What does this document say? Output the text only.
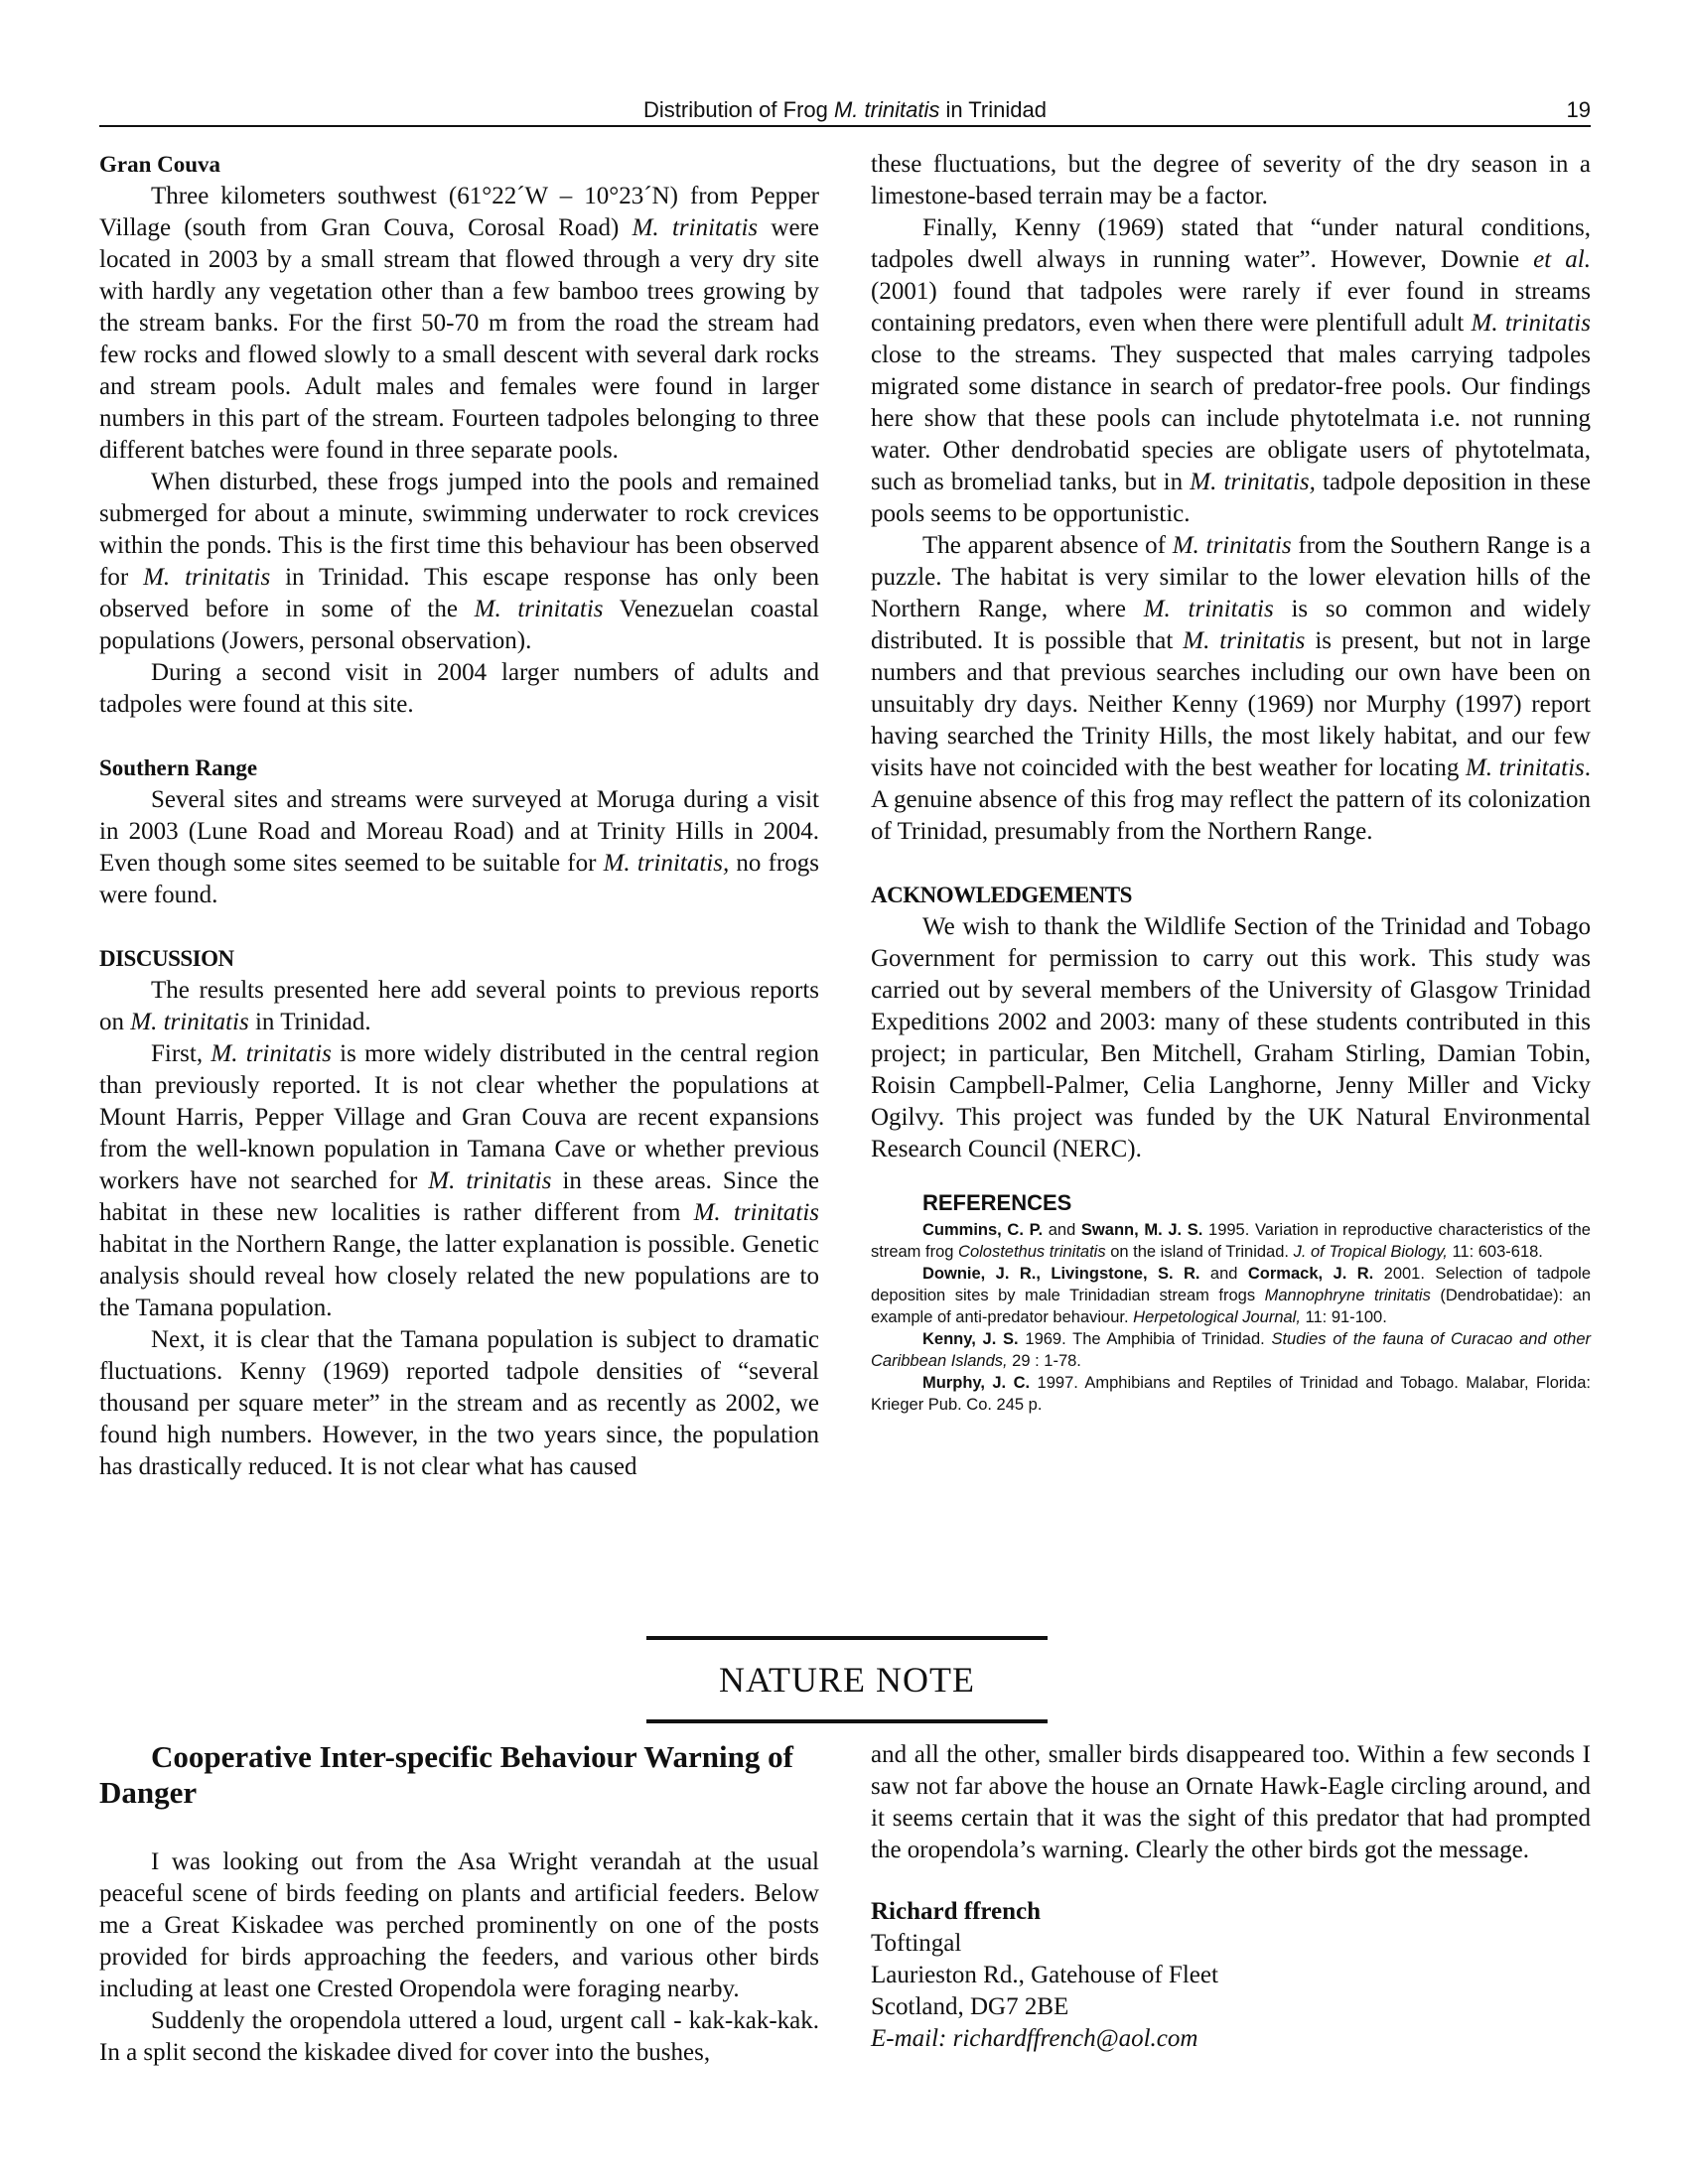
Distribution of Frog M. trinitatis in Trinidad	19
Gran Couva

Three kilometers southwest (61°22´W – 10°23´N) from Pepper Village (south from Gran Couva, Corosal Road) M. trinitatis were located in 2003 by a small stream that flowed through a very dry site with hardly any vegetation other than a few bamboo trees growing by the stream banks. For the first 50-70 m from the road the stream had few rocks and flowed slowly to a small descent with several dark rocks and stream pools. Adult males and females were found in larger numbers in this part of the stream. Fourteen tadpoles belonging to three different batches were found in three separate pools.

When disturbed, these frogs jumped into the pools and remained submerged for about a minute, swimming underwater to rock crevices within the ponds. This is the first time this behaviour has been observed for M. trinitatis in Trinidad. This escape response has only been observed before in some of the M. trinitatis Venezuelan coastal populations (Jowers, personal observation).

During a second visit in 2004 larger numbers of adults and tadpoles were found at this site.

Southern Range

Several sites and streams were surveyed at Moruga during a visit in 2003 (Lune Road and Moreau Road) and at Trinity Hills in 2004. Even though some sites seemed to be suitable for M. trinitatis, no frogs were found.

DISCUSSION

The results presented here add several points to previous reports on M. trinitatis in Trinidad.

First, M. trinitatis is more widely distributed in the central region than previously reported. It is not clear whether the populations at Mount Harris, Pepper Village and Gran Couva are recent expansions from the well-known population in Tamana Cave or whether previous workers have not searched for M. trinitatis in these areas. Since the habitat in these new localities is rather different from M. trinitatis habitat in the Northern Range, the latter explanation is possible. Genetic analysis should reveal how closely related the new populations are to the Tamana population.

Next, it is clear that the Tamana population is subject to dramatic fluctuations. Kenny (1969) reported tadpole densities of “several thousand per square meter” in the stream and as recently as 2002, we found high numbers. However, in the two years since, the population has drastically reduced. It is not clear what has caused

these fluctuations, but the degree of severity of the dry season in a limestone-based terrain may be a factor.

Finally, Kenny (1969) stated that “under natural conditions, tadpoles dwell always in running water”. However, Downie et al. (2001) found that tadpoles were rarely if ever found in streams containing predators, even when there were plentifull adult M. trinitatis close to the streams. They suspected that males carrying tadpoles migrated some distance in search of predator-free pools. Our findings here show that these pools can include phytotelmata i.e. not running water. Other dendrobatid species are obligate users of phytotelmata, such as bromeliad tanks, but in M. trinitatis, tadpole deposition in these pools seems to be opportunistic.

The apparent absence of M. trinitatis from the Southern Range is a puzzle. The habitat is very similar to the lower elevation hills of the Northern Range, where M. trinitatis is so common and widely distributed. It is possible that M. trinitatis is present, but not in large numbers and that previous searches including our own have been on unsuitably dry days. Neither Kenny (1969) nor Murphy (1997) report having searched the Trinity Hills, the most likely habitat, and our few visits have not coincided with the best weather for locating M. trinitatis. A genuine absence of this frog may reflect the pattern of its colonization of Trinidad, presumably from the Northern Range.

ACKNOWLEDGEMENTS

We wish to thank the Wildlife Section of the Trinidad and Tobago Government for permission to carry out this work. This study was carried out by several members of the University of Glasgow Trinidad Expeditions 2002 and 2003: many of these students contributed in this project; in particular, Ben Mitchell, Graham Stirling, Damian Tobin, Roisin Campbell-Palmer, Celia Langhorne, Jenny Miller and Vicky Ogilvy. This project was funded by the UK Natural Environmental Research Council (NERC).

REFERENCES

Cummins, C. P. and Swann, M. J. S. 1995. Variation in reproductive characteristics of the stream frog Colostethus trinitatis on the island of Trinidad. J. of Tropical Biology, 11: 603-618.

Downie, J. R., Livingstone, S. R. and Cormack, J. R. 2001. Selection of tadpole deposition sites by male Trinidadian stream frogs Mannophryne trinitatis (Dendrobatidae): an example of anti-predator behaviour. Herpetological Journal, 11: 91-100.

Kenny, J. S. 1969. The Amphibia of Trinidad. Studies of the fauna of Curacao and other Caribbean Islands, 29 : 1-78.

Murphy, J. C. 1997. Amphibians and Reptiles of Trinidad and Tobago. Malabar, Florida: Krieger Pub. Co. 245 p.

NATURE NOTE

Cooperative Inter-specific Behaviour Warning of Danger

I was looking out from the Asa Wright verandah at the usual peaceful scene of birds feeding on plants and artificial feeders. Below me a Great Kiskadee was perched prominently on one of the posts provided for birds approaching the feeders, and various other birds including at least one Crested Oropendola were foraging nearby.

Suddenly the oropendola uttered a loud, urgent call - kak-kak-kak. In a split second the kiskadee dived for cover into the bushes,

and all the other, smaller birds disappeared too. Within a few seconds I saw not far above the house an Ornate Hawk-Eagle circling around, and it seems certain that it was the sight of this predator that had prompted the oropendola’s warning. Clearly the other birds got the message.

Richard ffrench

Toftingal

Laurieston Rd., Gatehouse of Fleet

Scotland, DG7 2BE

E-mail: richardffrench@aol.com
